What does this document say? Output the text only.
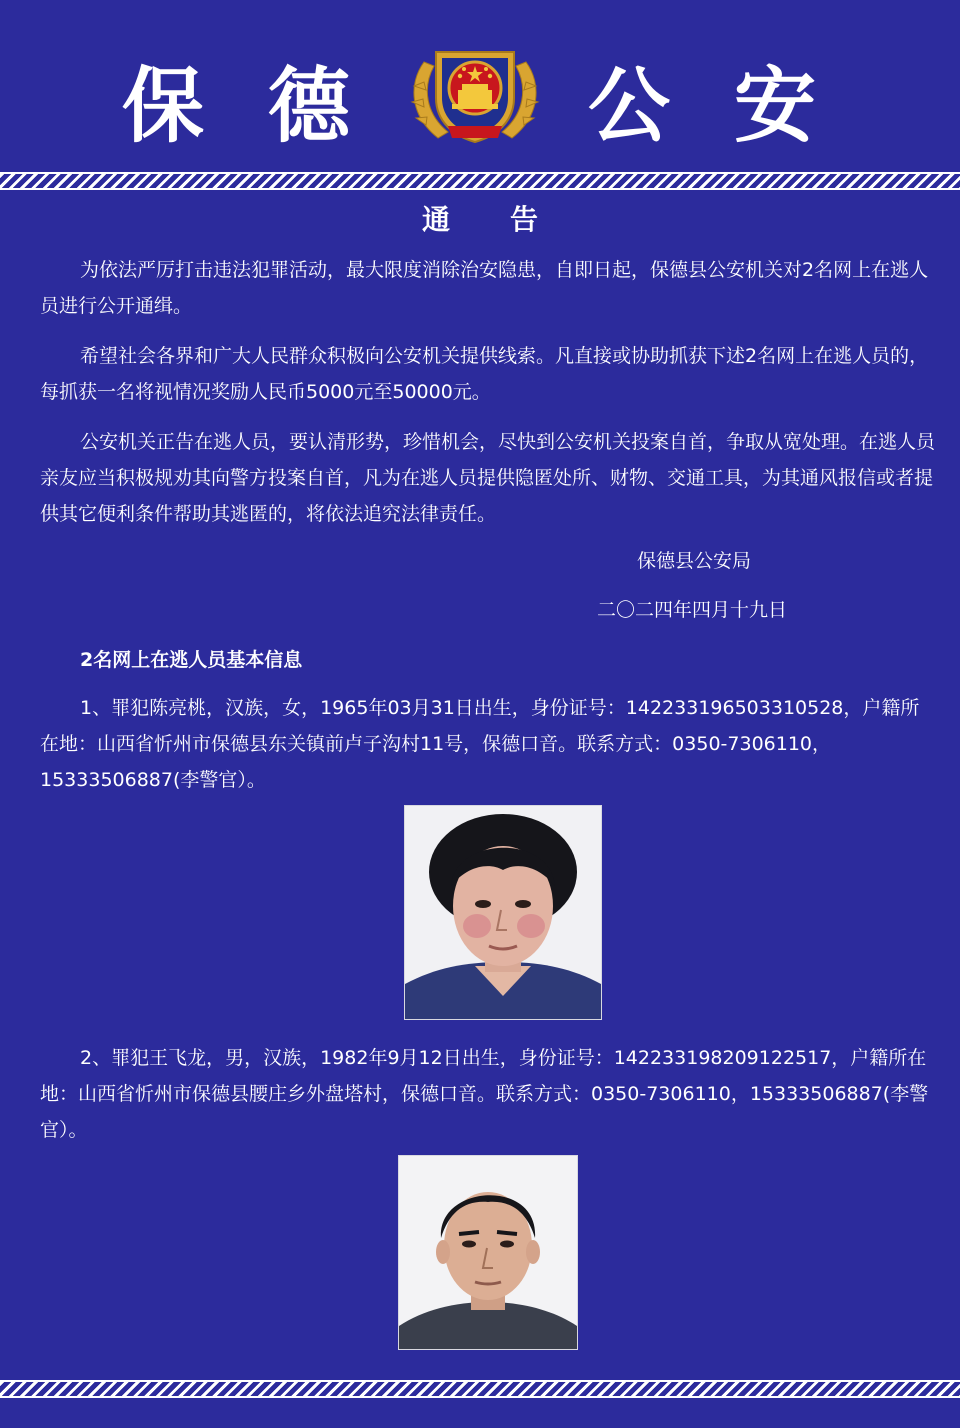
保 德	公 安
通告

为依法严厉打击违法犯罪活动，最大限度消除治安隐患，自即日起，保德县公安机关对2名网上在逃人员进行公开通缉。

希望社会各界和广大人民群众积极向公安机关提供线索。凡直接或协助抓获下述2名网上在逃人员的，每抓获一名将视情况奖励人民币5000元至50000元。

公安机关正告在逃人员，要认清形势，珍惜机会，尽快到公安机关投案自首，争取从宽处理。在逃人员亲友应当积极规劝其向警方投案自首，凡为在逃人员提供隐匿处所、财物、交通工具，为其通风报信或者提供其它便利条件帮助其逃匿的，将依法追究法律责任。

保德县公安局
二〇二四年四月十九日
2名网上在逃人员基本信息

1、罪犯陈亮桃，汉族，女，1965年03月31日出生，身份证号：142233196503310528，户籍所在地：山西省忻州市保德县东关镇前卢子沟村11号，保德口音。联系方式：0350-7306110，15333506887(李警官）。

2、罪犯王飞龙，男，汉族，1982年9月12日出生，身份证号：142233198209122517，户籍所在地：山西省忻州市保德县腰庄乡外盘塔村，保德口音。联系方式：0350-7306110，15333506887(李警官）。
